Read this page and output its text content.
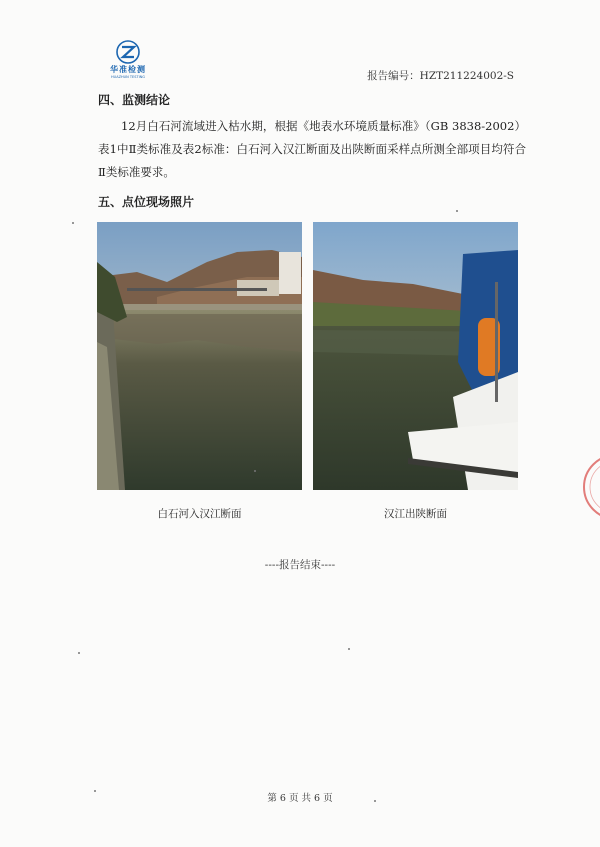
华准检测
HUAZHUN TESTING	报告编号：HZT211224002-S
四、监测结论

12月白石河流域进入枯水期，根据《地表水环境质量标准》（GB 3838-2002）表1中Ⅱ类标准及表2标准：白石河入汉江断面及出陕断面采样点所测全部项目均符合Ⅱ类标准要求。

五、点位现场照片
白石河入汉江断面	汉江出陕断面
----报告结束----
第 6 页 共 6 页
